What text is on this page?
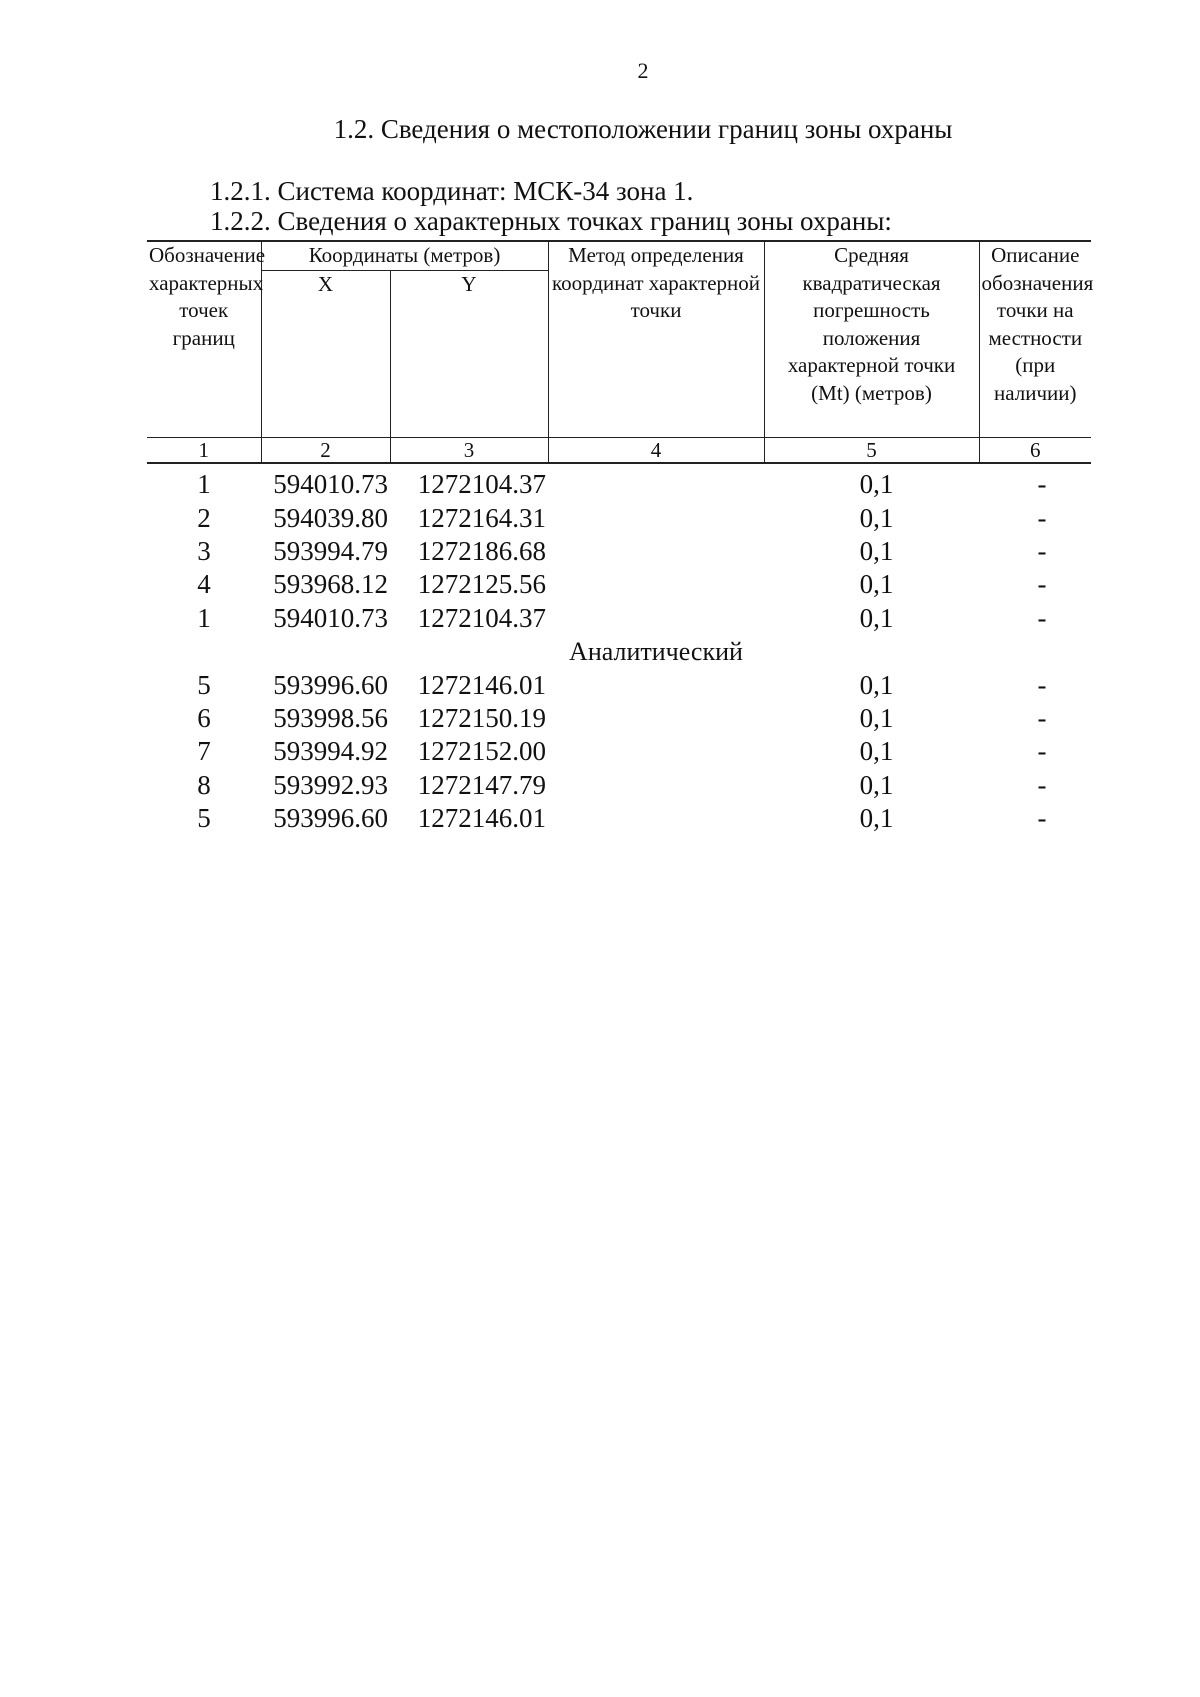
2
1.2. Сведения о местоположении границ зоны охраны
1.2.1. Система координат: МСК-34 зона 1.
1.2.2. Сведения о характерных точках границ зоны охраны:
Обозначение характерных точек границ	Координаты (метров)		Метод определения координат характерной точки	Средняя квадратическая погрешность положения характерной точки (Мt) (метров)	Описание обозначения точки на местности (при наличии)
	X	Y			
1	2	3	4	5	6
1	594010.73	1272104.37		0,1	-
2	594039.80	1272164.31		0,1	-
3	593994.79	1272186.68		0,1	-
4	593968.12	1272125.56		0,1	-
1	594010.73	1272104.37		0,1	-
			Аналитический		
5	593996.60	1272146.01		0,1	-
6	593998.56	1272150.19		0,1	-
7	593994.92	1272152.00		0,1	-
8	593992.93	1272147.79		0,1	-
5	593996.60	1272146.01		0,1	-
